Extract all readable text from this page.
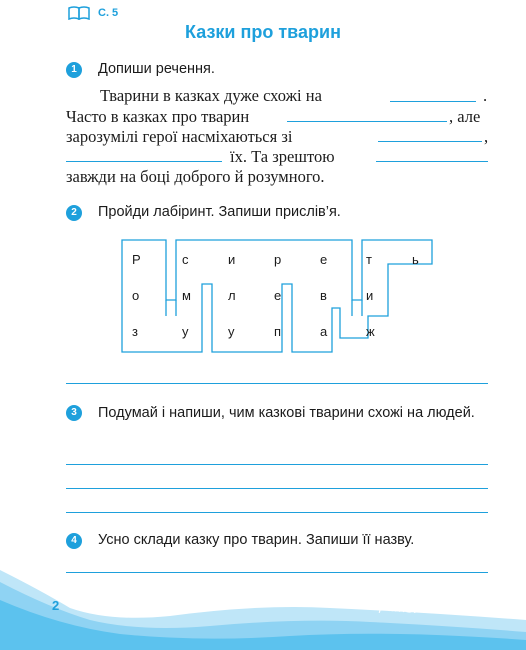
С. 5
Казки про тварин
1	Допиши речення.
Тварини в казках дуже схожі на	.
Часто в казках про тварин	, але
зарозумілі герої насміхаються зі	,
їх. Та зрештою
завжди на боці доброго й розумного.
2	Пройди лабіринт. Запиши прислів’я.
Р	с	и	р	е	т	ь
о	м	л	е	в	и
з	у	у	п	а	ж
3	Подумай і напиши, чим казкові тварини схожі на людей.
4	Усно склади казку про тварин. Запиши її назву.
2	І тварина розумна, дарма що не говорить.
